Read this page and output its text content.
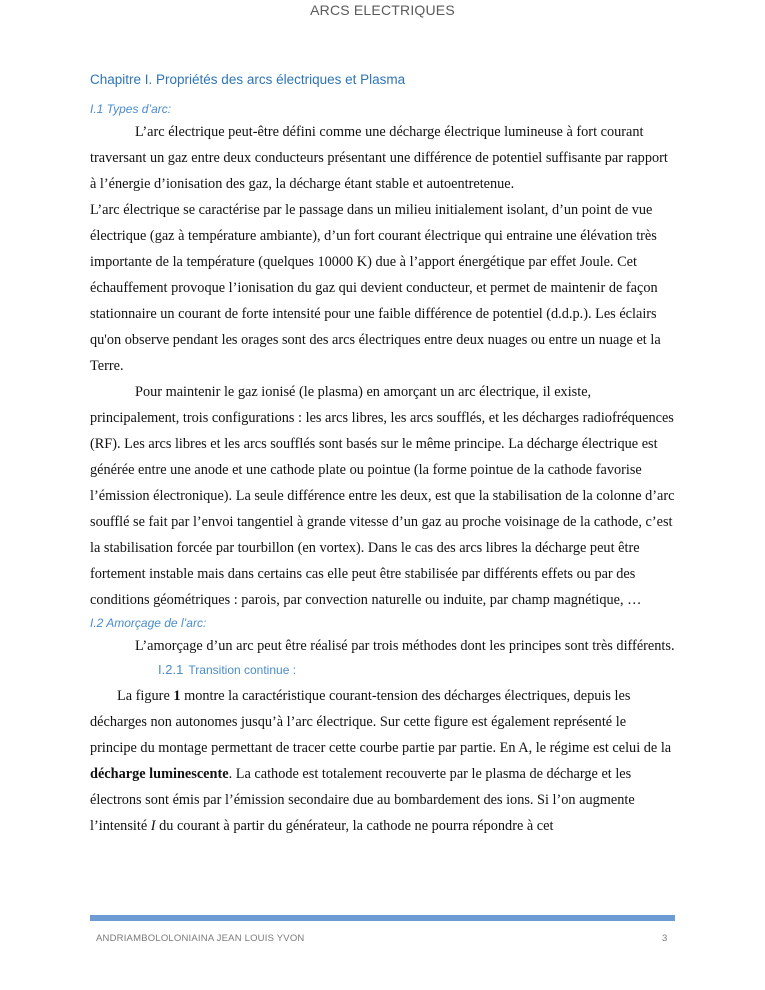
ARCS ELECTRIQUES
Chapitre I. Propriétés des arcs électriques et Plasma
I.1 Types d’arc:

L’arc électrique peut-être défini comme une décharge électrique lumineuse à fort courant traversant un gaz entre deux conducteurs présentant une différence de potentiel suffisante par rapport à l’énergie d’ionisation des gaz, la décharge étant stable et autoentretenue.

L’arc électrique se caractérise par le passage dans un milieu initialement isolant, d’un point de vue électrique (gaz à température ambiante), d’un fort courant électrique qui entraine une élévation très importante de la température (quelques 10000 K) due à l’apport énergétique par effet Joule. Cet échauffement provoque l’ionisation du gaz qui devient conducteur, et permet de maintenir de façon stationnaire un courant de forte intensité pour une faible différence de potentiel (d.d.p.). Les éclairs qu'on observe pendant les orages sont des arcs électriques entre deux nuages ou entre un nuage et la Terre.

Pour maintenir le gaz ionisé (le plasma) en amorçant un arc électrique, il existe, principalement, trois configurations : les arcs libres, les arcs soufflés, et les décharges radiofréquences (RF). Les arcs libres et les arcs soufflés sont basés sur le même principe. La décharge électrique est générée entre une anode et une cathode plate ou pointue (la forme pointue de la cathode favorise l’émission électronique). La seule différence entre les deux, est que la stabilisation de la colonne d’arc soufflé se fait par l’envoi tangentiel à grande vitesse d’un gaz au proche voisinage de la cathode, c’est la stabilisation forcée par tourbillon (en vortex). Dans le cas des arcs libres la décharge peut être fortement instable mais dans certains cas elle peut être stabilisée par différents effets ou par des conditions géométriques : parois, par convection naturelle ou induite, par champ magnétique, …

I.2 Amorçage de l’arc:

L’amorçage d’un arc peut être réalisé par trois méthodes dont les principes sont très différents.

I.2.1 Transition continue :

La figure 1 montre la caractéristique courant-tension des décharges électriques, depuis les décharges non autonomes jusqu’à l’arc électrique. Sur cette figure est également représenté le principe du montage permettant de tracer cette courbe partie par partie. En A, le régime est celui de la décharge luminescente. La cathode est totalement recouverte par le plasma de décharge et les électrons sont émis par l’émission secondaire due au bombardement des ions. Si l’on augmente l’intensité I du courant à partir du générateur, la cathode ne pourra répondre à cet

ANDRIAMBOLOLONIAINA JEAN LOUIS YVON	3
